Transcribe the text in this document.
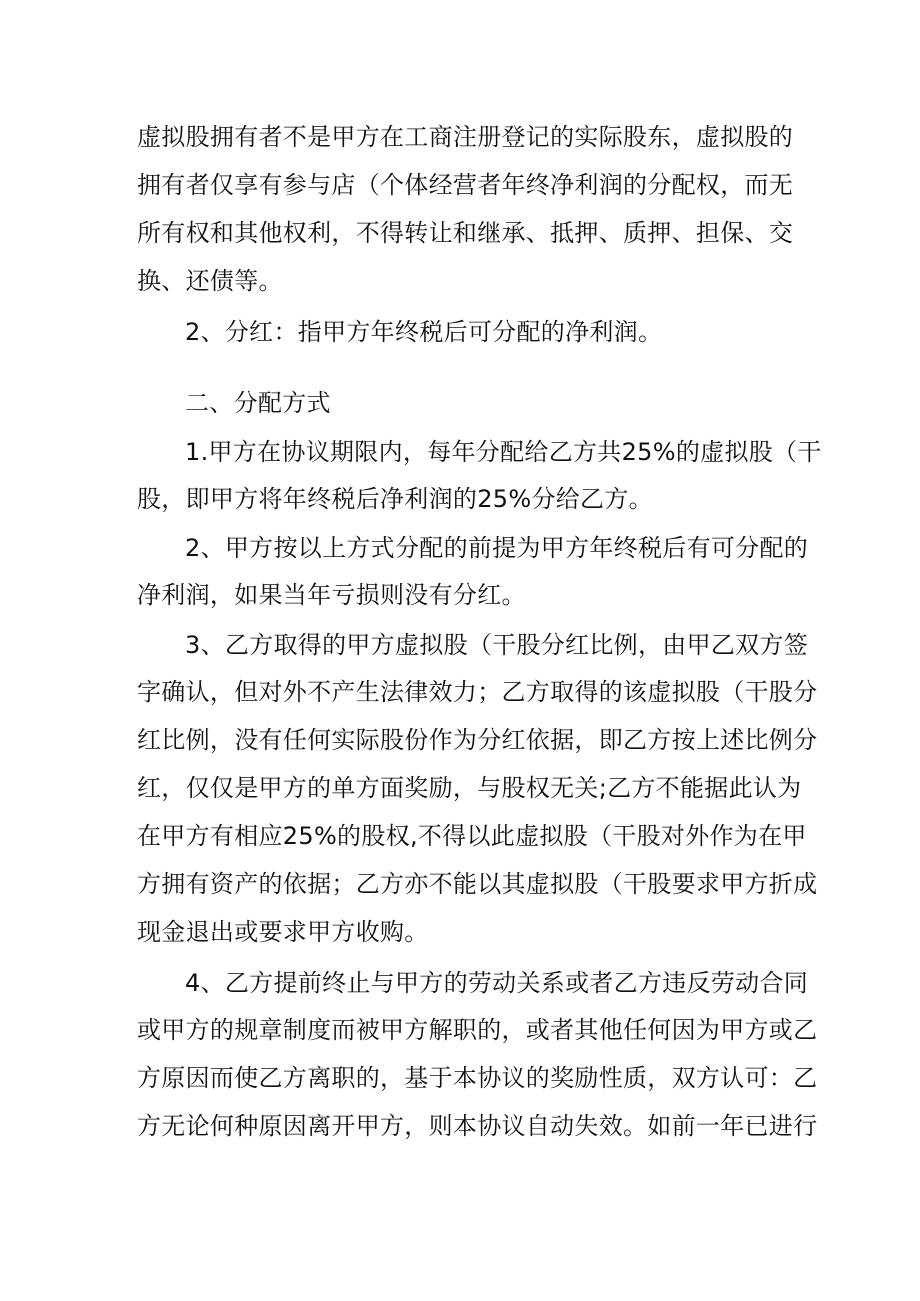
虚拟股拥有者不是甲方在工商注册登记的实际股东，虚拟股的
拥有者仅享有参与店（个体经营者年终净利润的分配权，而无
所有权和其他权利，不得转让和继承、抵押、质押、担保、交
换、还债等。
2、分红：指甲方年终税后可分配的净利润。
二、分配方式
1.甲方在协议期限内，每年分配给乙方共25%的虚拟股（干
股，即甲方将年终税后净利润的25%分给乙方。
2、甲方按以上方式分配的前提为甲方年终税后有可分配的
净利润，如果当年亏损则没有分红。
3、乙方取得的甲方虚拟股（干股分红比例，由甲乙双方签
字确认，但对外不产生法律效力；乙方取得的该虚拟股（干股分
红比例，没有任何实际股份作为分红依据，即乙方按上述比例分
红，仅仅是甲方的单方面奖励，与股权无关;乙方不能据此认为
在甲方有相应25%的股权,不得以此虚拟股（干股对外作为在甲
方拥有资产的依据；乙方亦不能以其虚拟股（干股要求甲方折成
现金退出或要求甲方收购。
4、乙方提前终止与甲方的劳动关系或者乙方违反劳动合同
或甲方的规章制度而被甲方解职的，或者其他任何因为甲方或乙
方原因而使乙方离职的，基于本协议的奖励性质，双方认可：乙
方无论何种原因离开甲方，则本协议自动失效。如前一年已进行
